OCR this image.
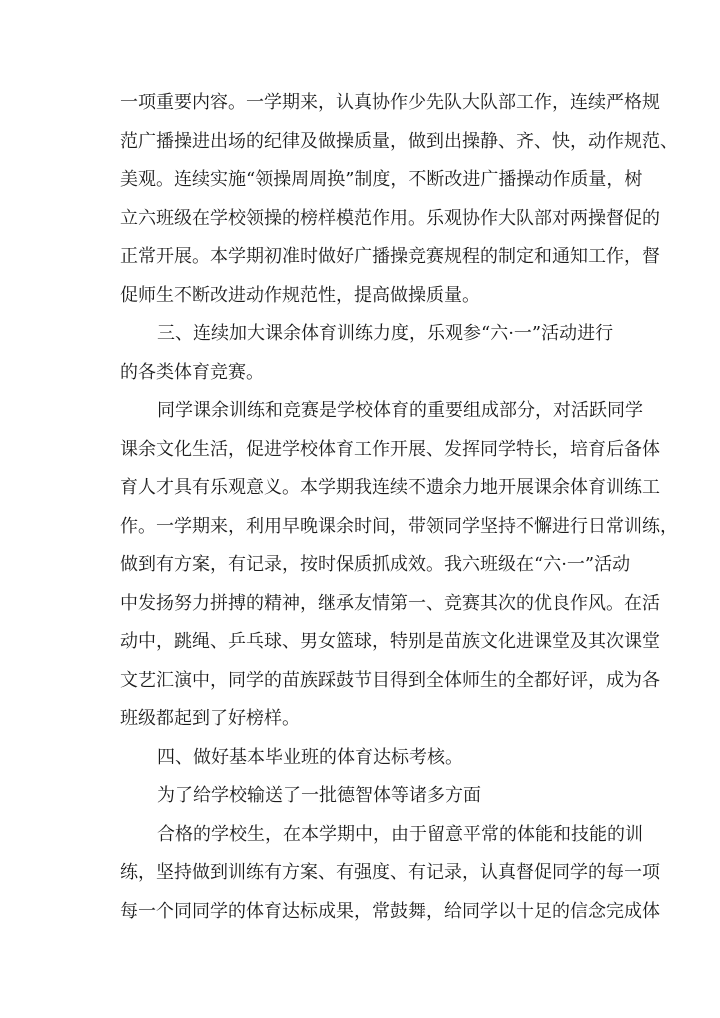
一项重要内容。一学期来，认真协作少先队大队部工作，连续严格规
范广播操进出场的纪律及做操质量，做到出操静、齐、快，动作规范、
美观。连续实施“领操周周换”制度，不断改进广播操动作质量，树
立六班级在学校领操的榜样模范作用。乐观协作大队部对两操督促的
正常开展。本学期初准时做好广播操竞赛规程的制定和通知工作，督
促师生不断改进动作规范性，提高做操质量。
三、连续加大课余体育训练力度，乐观参“六·一”活动进行
的各类体育竞赛。
同学课余训练和竞赛是学校体育的重要组成部分，对活跃同学
课余文化生活，促进学校体育工作开展、发挥同学特长，培育后备体
育人才具有乐观意义。本学期我连续不遗余力地开展课余体育训练工
作。一学期来，利用早晚课余时间，带领同学坚持不懈进行日常训练，
做到有方案，有记录，按时保质抓成效。我六班级在“六·一”活动
中发扬努力拼搏的精神，继承友情第一、竞赛其次的优良作风。在活
动中，跳绳、乒乓球、男女篮球，特别是苗族文化进课堂及其次课堂
文艺汇演中，同学的苗族踩鼓节目得到全体师生的全都好评，成为各
班级都起到了好榜样。
四、做好基本毕业班的体育达标考核。
为了给学校输送了一批德智体等诸多方面
合格的学校生，在本学期中，由于留意平常的体能和技能的训
练，坚持做到训练有方案、有强度、有记录，认真督促同学的每一项
每一个同同学的体育达标成果，常鼓舞，给同学以十足的信念完成体
